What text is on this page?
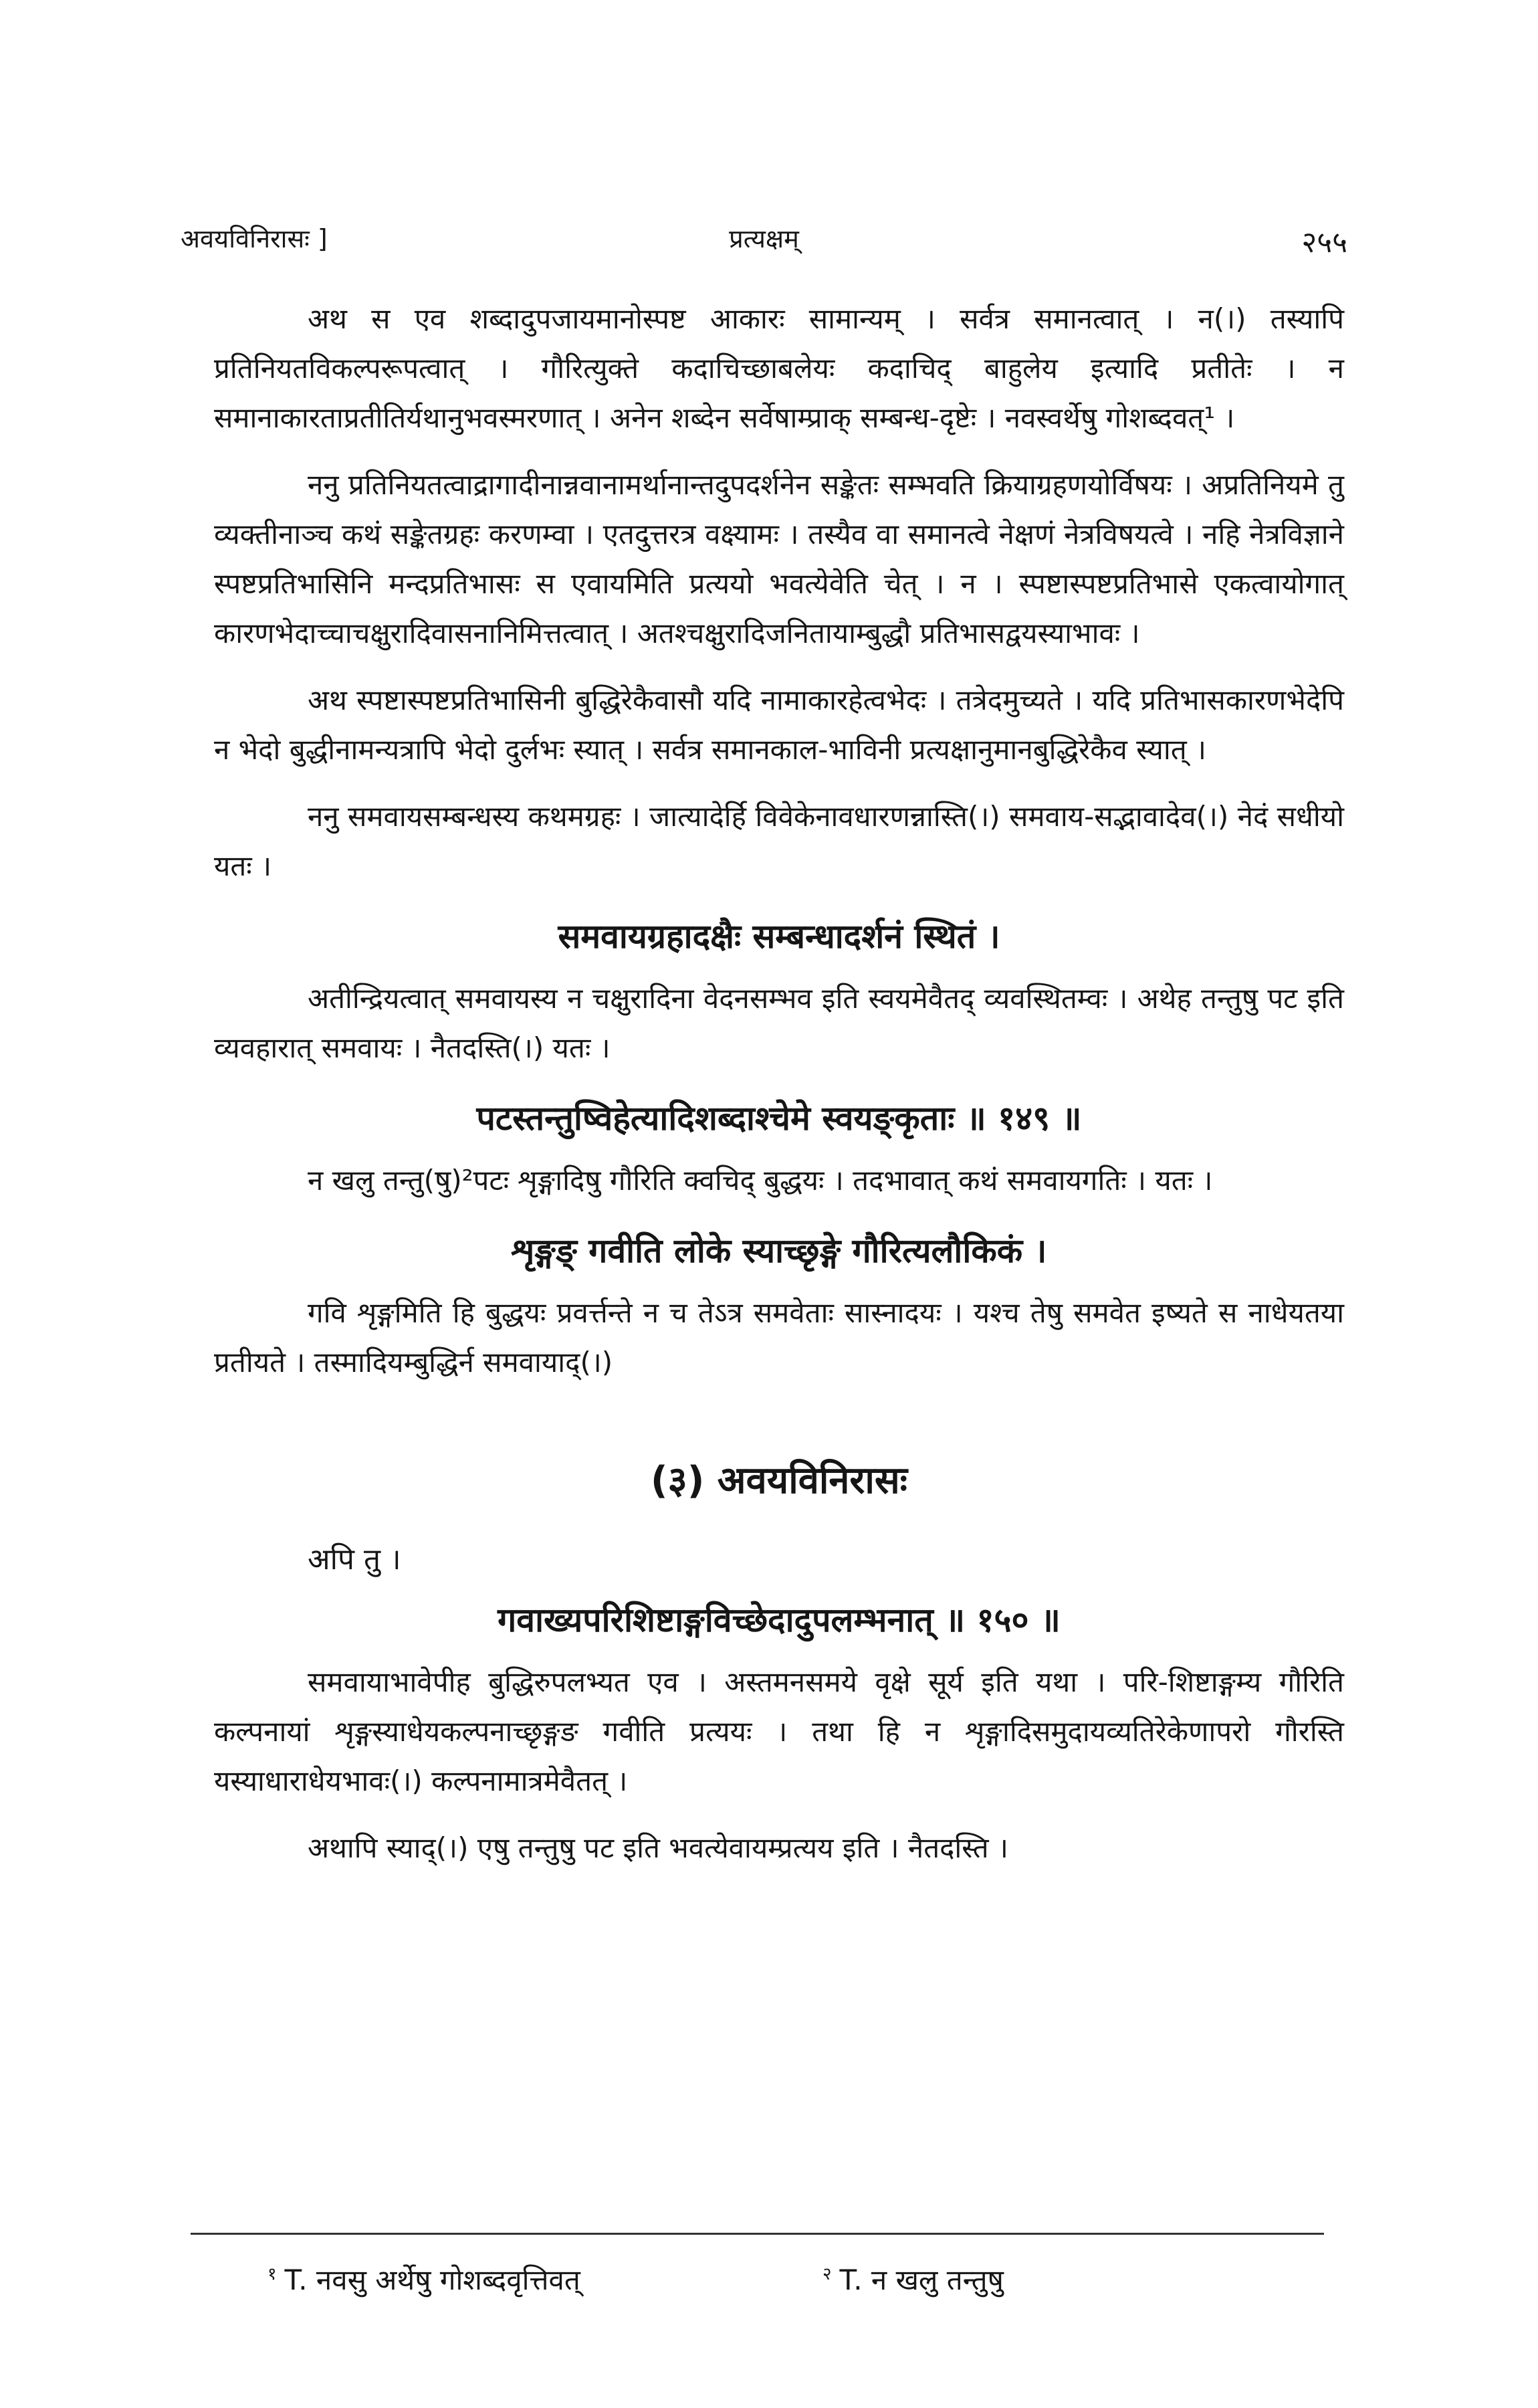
अवयविनिरासः ]	प्रत्यक्षम्	२५५

अथ स एव शब्दादुपजायमानोस्पष्ट आकारः सामान्यम् । सर्वत्र समानत्वात् । न(।) तस्यापि प्रतिनियतविकल्परूपत्वात् । गौरित्युक्ते कदाचिच्छाबलेयः कदाचिद् बाहुलेय इत्यादि प्रतीतेः । न समानाकारताप्रतीतिर्यथानुभवस्मरणात् । अनेन शब्देन सर्वेषाम्प्राक् सम्बन्ध-दृष्टेः । नवस्वर्थेषु गोशब्दवत्¹ ।

ननु प्रतिनियतत्वाद्रागादीनान्नवानामर्थानान्तदुपदर्शनेन सङ्केतः सम्भवति क्रियाग्रहणयोर्विषयः । अप्रतिनियमे तु व्यक्तीनाञ्च कथं सङ्केतग्रहः करणम्वा । एतदुत्तरत्र वक्ष्यामः । तस्यैव वा समानत्वे नेक्षणं नेत्रविषयत्वे । नहि नेत्रविज्ञाने स्पष्टप्रतिभासिनि मन्दप्रतिभासः स एवायमिति प्रत्ययो भवत्येवेति चेत् । न । स्पष्टास्पष्टप्रतिभासे एकत्वायोगात् कारणभेदाच्चाचक्षुरादिवासनानिमित्तत्वात् । अतश्चक्षुरादिजनितायाम्बुद्धौ प्रतिभासद्वयस्याभावः ।

अथ स्पष्टास्पष्टप्रतिभासिनी बुद्धिरेकैवासौ यदि नामाकारहेत्वभेदः । तत्रेदमुच्यते । यदि प्रतिभासकारणभेदेपि न भेदो बुद्धीनामन्यत्रापि भेदो दुर्लभः स्यात् । सर्वत्र समानकाल-भाविनी प्रत्यक्षानुमानबुद्धिरेकैव स्यात् ।

ननु समवायसम्बन्धस्य कथमग्रहः । जात्यादेर्हि विवेकेनावधारणन्नास्ति(।) समवाय-सद्भावादेव(।) नेदं सधीयो यतः ।

समवायग्रहादक्षैः सम्बन्धादर्शनं स्थितं ।

अतीन्द्रियत्वात् समवायस्य न चक्षुरादिना वेदनसम्भव इति स्वयमेवैतद् व्यवस्थितम्वः । अथेह तन्तुषु पट इति व्यवहारात् समवायः । नैतदस्ति(।) यतः ।

पटस्तन्तुष्विहेत्यादिशब्दाश्चेमे स्वयङ्कृताः ॥ १४९ ॥

न खलु तन्तु(षु)²पटः शृङ्गादिषु गौरिति क्वचिद् बुद्धयः । तदभावात् कथं समवायगतिः । यतः ।

शृङ्गङ् गवीति लोके स्याच्छृङ्गे गौरित्यलौकिकं ।

गवि शृङ्गमिति हि बुद्धयः प्रवर्त्तन्ते न च तेऽत्र समवेताः सास्नादयः । यश्च तेषु समवेत इष्यते स नाधेयतया प्रतीयते । तस्मादियम्बुद्धिर्न समवायाद्(।)

(३) अवयविनिरासः
अपि तु ।
गवाख्यपरिशिष्टाङ्गविच्छेदादुपलम्भनात् ॥ १५० ॥

समवायाभावेपीह बुद्धिरुपलभ्यत एव । अस्तमनसमये वृक्षे सूर्य इति यथा । परि-शिष्टाङ्गम्य गौरिति कल्पनायां शृङ्गस्याधेयकल्पनाच्छृङ्गङ गवीति प्रत्ययः । तथा हि न शृङ्गादिसमुदायव्यतिरेकेणापरो गौरस्ति यस्याधाराधेयभावः(।) कल्पनामात्रमेवैतत् ।

अथापि स्याद्(।) एषु तन्तुषु पट इति भवत्येवायम्प्रत्यय इति । नैतदस्ति ।

$^१$ T. नवसु अर्थेषु गोशब्दवृत्तिवत्	$^२$ T. न खलु तन्तुषु
